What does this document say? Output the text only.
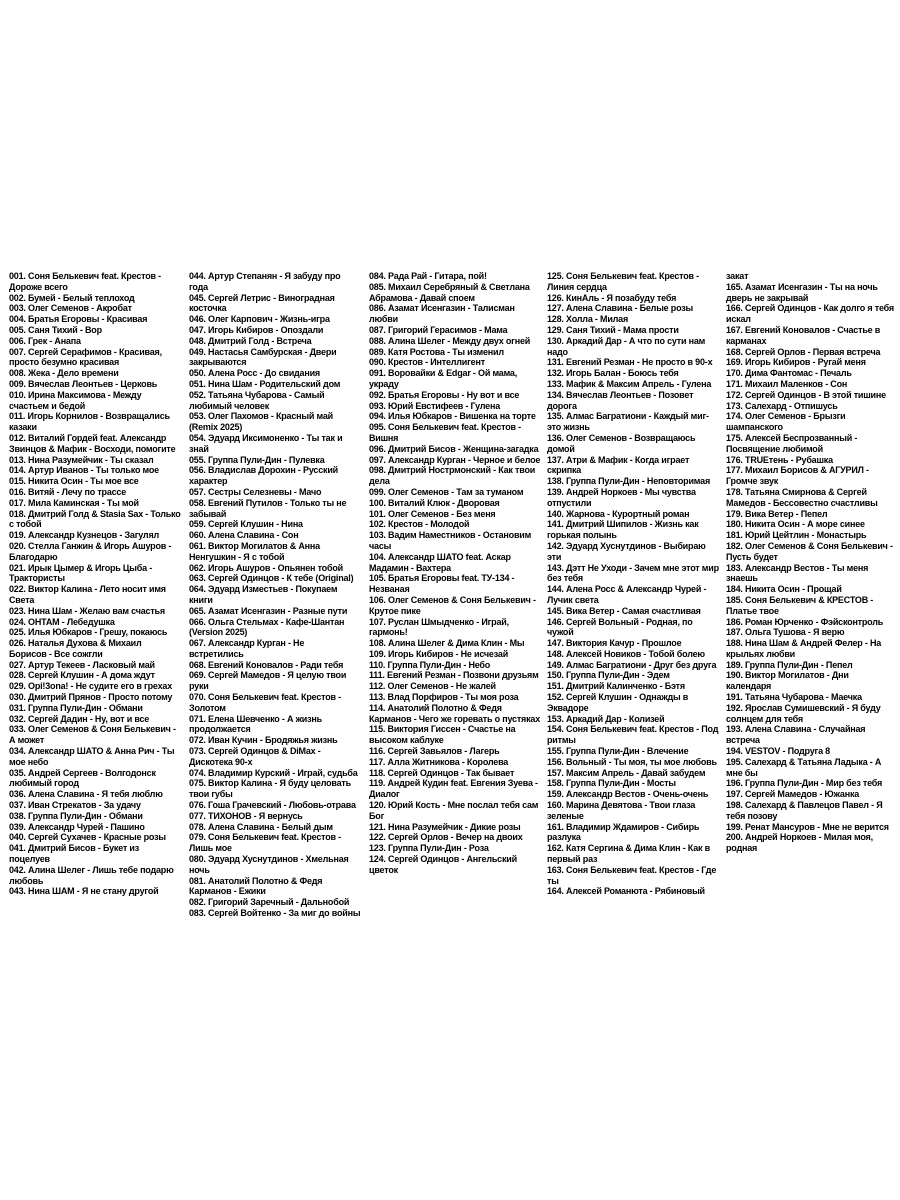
001. Соня Белькевич feat. Крестов - Дороже всего
002. Бумей - Белый теплоход
003. Олег Семенов - Акробат
004. Братья Егоровы - Красивая
005. Саня Тихий - Вор
006. Грек - Анапа
007. Сергей Серафимов - Красивая, просто безумно красивая
008. Жека - Дело времени
009. Вячеслав Леонтьев - Церковь
010. Ирина Максимова - Между счастьем и бедой
011. Игорь Корнилов - Возвращались казаки
012. Виталий Гордей feat. Александр Звинцов & Мафик - Восходи, помогите
013. Нина Разумейчик - Ты сказал
014. Артур Иванов - Ты только мое
015. Никита Осин - Ты мое все
016. Витяй - Лечу по трассе
017. Мила Каминская - Ты мой
018. Дмитрий Голд & Stasia Sax - Только с тобой
019. Александр Кузнецов - Загулял
020. Стелла Ганжин & Игорь Ашуров - Благодарю
021. Ирык Цымер & Игорь Цыба - Трактористы
022. Виктор Калина - Лето носит имя Света
023. Нина Шам - Желаю вам счастья
024. ОНТАМ - Лебедушка
025. Илья Юбкаров - Грешу, покаюсь
026. Наталья Духова & Михаил Борисов - Все сожгли
027. Артур Текеев - Ласковый май
028. Сергей Клушин - А дома ждут
029. Opi!3ona! - Не судите его в грехах
030. Дмитрий Прянов - Просто потому
031. Группа Пули-Дин - Обмани
032. Сергей Дадин - Ну, вот и все
033. Олег Семенов & Соня Белькевич - А может
034. Александр ШАТО & Анна Рич - Ты мое небо
035. Андрей Сергеев - Волгодонск любимый город
036. Алена Славина - Я тебя люблю
037. Иван Стрекатов - За удачу
038. Группа Пули-Дин - Обмани
039. Александр Чурей - Пашино
040. Сергей Сухачев - Красные розы
041. Дмитрий Бисов - Букет из поцелуев
042. Алина Шелег - Лишь тебе подарю любовь
043. Нина ШАМ - Я не стану другой
044. Артур Степанян - Я забуду про года
045. Сергей Летрис - Виноградная косточка
046. Олег Карпович - Жизнь-игра
047. Игорь Кибиров - Опоздали
048. Дмитрий Голд - Встреча
049. Настасья Самбурская - Двери закрываются
050. Алена Росс - До свидания
051. Нина Шам - Родительский дом
052. Татьяна Чубарова - Самый любимый человек
053. Олег Пахомов - Красный май (Remix 2025)
054. Эдуард Иксимоненко - Ты так и знай
055. Группа Пули-Дин - Пулевка
056. Владислав Дорохин - Русский характер
057. Сестры Селезневы - Мачо
058. Евгений Путилов - Только ты не забывай
059. Сергей Клушин - Нина
060. Алена Славина - Сон
061. Виктор Могилатов & Анна Ненгушкин - Я с тобой
062. Игорь Ашуров - Опьянен тобой
063. Сергей Одинцов - К тебе (Original)
064. Эдуард Изместьев - Покупаем книги
065. Азамат Исенгазин - Разные пути
066. Ольга Стельмах - Кафе-Шантан (Version 2025)
067. Александр Курган - Не встретились
068. Евгений Коновалов - Ради тебя
069. Сергей Мамедов - Я целую твои руки
070. Соня Белькевич feat. Крестов - Золотом
071. Елена Шевченко - А жизнь продолжается
072. Иван Кучин - Бродяжья жизнь
073. Сергей Одинцов & DiMax - Дискотека 90-х
074. Владимир Курский - Играй, судьба
075. Виктор Калина - Я буду целовать твои губы
076. Гоша Грачевский - Любовь-отрава
077. ТИХОНОВ - Я вернусь
078. Алена Славина - Белый дым
079. Соня Белькевич feat. Крестов - Лишь мое
080. Эдуард Хуснутдинов - Хмельная ночь
081. Анатолий Полотно & Федя Карманов - Ежики
082. Григорий Заречный - Дальнобой
083. Сергей Войтенко - За миг до войны
084. Рада Рай - Гитара, пой!
085. Михаил Серебряный & Светлана Абрамова - Давай споем
086. Азамат Исенгазин - Талисман любви
087. Григорий Герасимов - Мама
088. Алина Шелег - Между двух огней
089. Катя Ростова - Ты изменил
090. Крестов - Интеллигент
091. Воровайки & Edgar - Ой мама, украду
092. Братья Егоровы - Ну вот и все
093. Юрий Евстифеев - Гулена
094. Илья Юбкаров - Вишенка на торте
095. Соня Белькевич feat. Крестов - Вишня
096. Дмитрий Бисов - Женщина-загадка
097. Александр Курган - Черное и белое
098. Дмитрий Нострмонский - Как твои дела
099. Олег Семенов - Там за туманом
100. Виталий Клюк - Дворовая
101. Олег Семенов - Без меня
102. Крестов - Молодой
103. Вадим Наместников - Остановим часы
104. Александр ШАТО feat. Аскар Мадамин - Вахтера
105. Братья Егоровы feat. ТУ-134 - Незваная
106. Олег Семенов & Соня Белькевич - Крутое пике
107. Руслан Шмыдченко - Играй, гармонь!
108. Алина Шелег & Дима Клин - Мы
109. Игорь Кибиров - Не исчезай
110. Группа Пули-Дин - Небо
111. Евгений Резман - Позвони друзьям
112. Олег Семенов - Не жалей
113. Влад Порфиров - Ты моя роза
114. Анатолий Полотно & Федя Карманов - Чего же горевать о пустяках
115. Виктория Гиссен - Счастье на высоком каблуке
116. Сергей Завьялов - Лагерь
117. Алла Житникова - Королева
118. Сергей Одинцов - Так бывает
119. Андрей Кудин feat. Евгения Зуева - Диалог
120. Юрий Кость - Мне послал тебя сам Бог
121. Нина Разумейчик - Дикие розы
122. Сергей Орлов - Вечер на двоих
123. Группа Пули-Дин - Роза
124. Сергей Одинцов - Ангельский цветок
125. Соня Белькевич feat. Крестов - Линия сердца
126. КинАль - Я позабуду тебя
127. Алена Славина - Белые розы
128. Холла - Милая
129. Саня Тихий - Мама прости
130. Аркадий Дар - А что по сути нам надо
131. Евгений Резман - Не просто в 90-х
132. Игорь Балан - Боюсь тебя
133. Мафик & Максим Апрель - Гулена
134. Вячеслав Леонтьев - Позовет дорога
135. Алмас Багратиони - Каждый миг-это жизнь
136. Олег Семенов - Возвращаюсь домой
137. Атри & Мафик - Когда играет скрипка
138. Группа Пули-Дин - Неповторимая
139. Андрей Норкоев - Мы чувства отпустили
140. Жарнова - Курортный роман
141. Дмитрий Шипилов - Жизнь как горькая полынь
142. Эдуард Хуснутдинов - Выбираю эти
143. Дэтт Не Уходи - Зачем мне этот мир без тебя
144. Алена Росс & Александр Чурей - Лучик света
145. Вика Ветер - Самая счастливая
146. Сергей Вольный - Родная, по чужой
147. Виктория Качур - Прошлое
148. Алексей Новиков - Тобой болею
149. Алмас Багратиони - Друг без друга
150. Группа Пули-Дин - Эдем
151. Дмитрий Калинченко - Бэтя
152. Сергей Клушин - Однажды в Эквадоре
153. Аркадий Дар - Колизей
154. Соня Белькевич feat. Крестов - Под ритмы
155. Группа Пули-Дин - Влечение
156. Вольный - Ты моя, ты мое любовь
157. Максим Апрель - Давай забудем
158. Группа Пули-Дин - Мосты
159. Александр Вестов - Очень-очень
160. Марина Девятова - Твои глаза зеленые
161. Владимир Ждамиров - Сибирь разлука
162. Катя Сергина & Дима Клин - Как в первый раз
163. Соня Белькевич feat. Крестов - Где ты
164. Алексей Романюта - Рябиновый
закат
165. Азамат Исенгазин - Ты на ночь дверь не закрывай
166. Сергей Одинцов - Как долго я тебя искал
167. Евгений Коновалов - Счастье в карманах
168. Сергей Орлов - Первая встреча
169. Игорь Кибиров - Ругай меня
170. Дима Фантомас - Печаль
171. Михаил Маленков - Сон
172. Сергей Одинцов - В этой тишине
173. Салехард - Отпишусь
174. Олег Семенов - Брызги шампанского
175. Алексей Беспрозванный - Посвящение любимой
176. ТRUEтень - Рубашка
177. Михаил Борисов & АГУРИЛ - Громче звук
178. Татьяна Смирнова & Сергей Мамедов - Бессовестно счастливы
179. Вика Ветер - Пепел
180. Никита Осин - А море синее
181. Юрий Цейтлин - Монастырь
182. Олег Семенов & Соня Белькевич - Пусть будет
183. Александр Вестов - Ты меня знаешь
184. Никита Осин - Прощай
185. Соня Белькевич & КРЕСТОВ - Платье твое
186. Роман Юрченко - Фэйсконтроль
187. Ольга Тушова - Я верю
188. Нина Шам & Андрей Фелер - На крыльях любви
189. Группа Пули-Дин - Пепел
190. Виктор Могилатов - Дни календаря
191. Татьяна Чубарова - Маечка
192. Ярослав Сумишевский - Я буду солнцем для тебя
193. Алена Славина - Случайная встреча
194. VESTOV - Подруга 8
195. Салехард & Татьяна Ладыка - А мне бы
196. Группа Пули-Дин - Мир без тебя
197. Сергей Мамедов - Южанка
198. Салехард & Павлецов Павел - Я тебя позову
199. Ренат Мансуров - Мне не верится
200. Андрей Норкоев - Милая моя, родная
